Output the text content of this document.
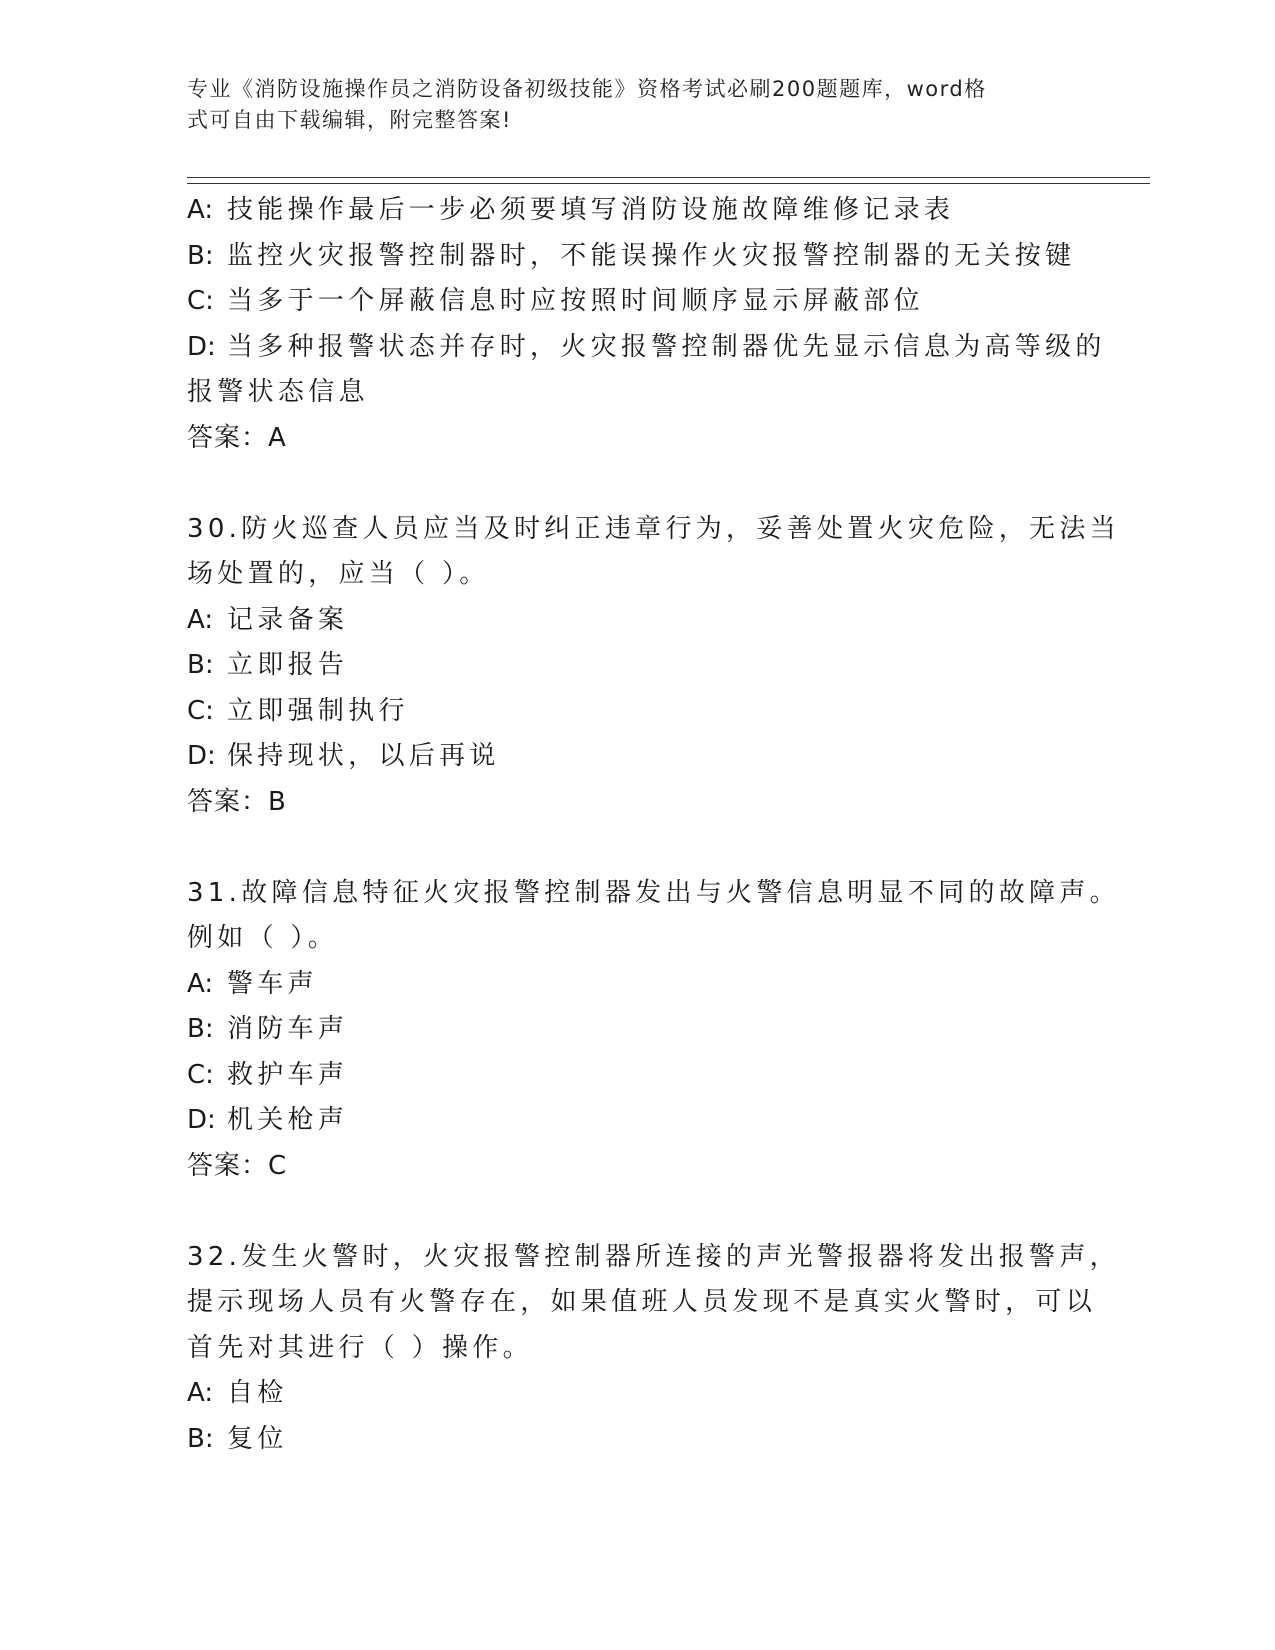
专业《消防设施操作员之消防设备初级技能》资格考试必刷200题题库，word格
式可自由下载编辑，附完整答案!
A: 技能操作最后一步必须要填写消防设施故障维修记录表
B: 监控火灾报警控制器时，不能误操作火灾报警控制器的无关按键
C: 当多于一个屏蔽信息时应按照时间顺序显示屏蔽部位
D: 当多种报警状态并存时，火灾报警控制器优先显示信息为高等级的
报警状态信息
答案：A
30.防火巡查人员应当及时纠正违章行为，妥善处置火灾危险，无法当
场处置的，应当（ ）。
A: 记录备案
B: 立即报告
C: 立即强制执行
D: 保持现状，以后再说
答案：B
31.故障信息特征火灾报警控制器发出与火警信息明显不同的故障声。
例如（ ）。
A: 警车声
B: 消防车声
C: 救护车声
D: 机关枪声
答案：C
32.发生火警时，火灾报警控制器所连接的声光警报器将发出报警声，
提示现场人员有火警存在，如果值班人员发现不是真实火警时，可以
首先对其进行（ ）操作。
A: 自检
B: 复位
